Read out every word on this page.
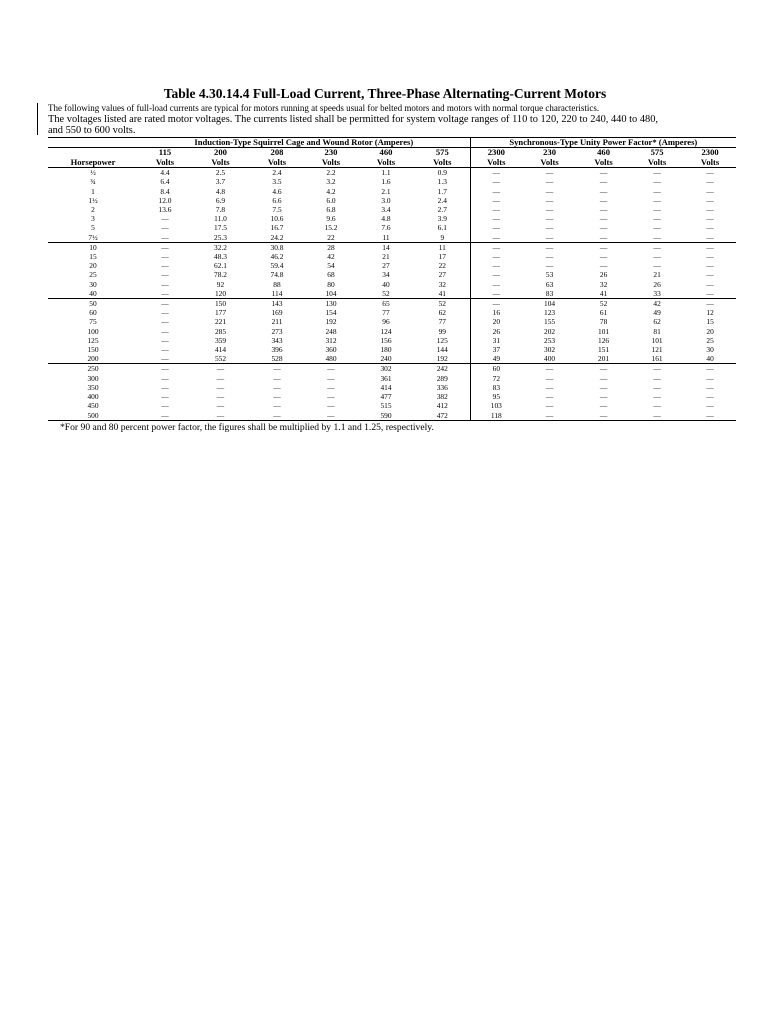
Table 4.30.14.4 Full-Load Current, Three-Phase Alternating-Current Motors

The following values of full-load currents are typical for motors running at speeds usual for belted motors and motors with normal torque characteristics.

The voltages listed are rated motor voltages. The currents listed shall be permitted for system voltage ranges of 110 to 120, 220 to 240, 440 to 480,

and 550 to 600 volts.

	Induction-Type Squirrel Cage and Wound Rotor (Amperes)						Synchronous-Type Unity Power Factor* (Amperes)				
	115	200	208	230	460	575	2300	230	460	575	2300
Horsepower	Volts	Volts	Volts	Volts	Volts	Volts	Volts	Volts	Volts	Volts	Volts
½	4.4	2.5	2.4	2.2	1.1	0.9	—	—	—	—	—
¾	6.4	3.7	3.5	3.2	1.6	1.3	—	—	—	—	—
1	8.4	4.8	4.6	4.2	2.1	1.7	—	—	—	—	—
1½	12.0	6.9	6.6	6.0	3.0	2.4	—	—	—	—	—
2	13.6	7.8	7.5	6.8	3.4	2.7	—	—	—	—	—
3	—	11.0	10.6	9.6	4.8	3.9	—	—	—	—	—
5	—	17.5	16.7	15.2	7.6	6.1	—	—	—	—	—
7½	—	25.3	24.2	22	11	9	—	—	—	—	—
10	—	32.2	30.8	28	14	11	—	—	—	—	—
15	—	48.3	46.2	42	21	17	—	—	—	—	—
20	—	62.1	59.4	54	27	22	—	—	—	—	—
25	—	78.2	74.8	68	34	27	—	53	26	21	—
30	—	92	88	80	40	32	—	63	32	26	—
40	—	120	114	104	52	41	—	83	41	33	—
50	—	150	143	130	65	52	—	104	52	42	—
60	—	177	169	154	77	62	16	123	61	49	12
75	—	221	211	192	96	77	20	155	78	62	15
100	—	285	273	248	124	99	26	202	101	81	20
125	—	359	343	312	156	125	31	253	126	101	25
150	—	414	396	360	180	144	37	302	151	121	30
200	—	552	528	480	240	192	49	400	201	161	40
250	—	—	—	—	302	242	60	—	—	—	—
300	—	—	—	—	361	289	72	—	—	—	—
350	—	—	—	—	414	336	83	—	—	—	—
400	—	—	—	—	477	382	95	—	—	—	—
450	—	—	—	—	515	412	103	—	—	—	—
500	—	—	—	—	590	472	118	—	—	—	—

*For 90 and 80 percent power factor, the figures shall be multiplied by 1.1 and 1.25, respectively.
